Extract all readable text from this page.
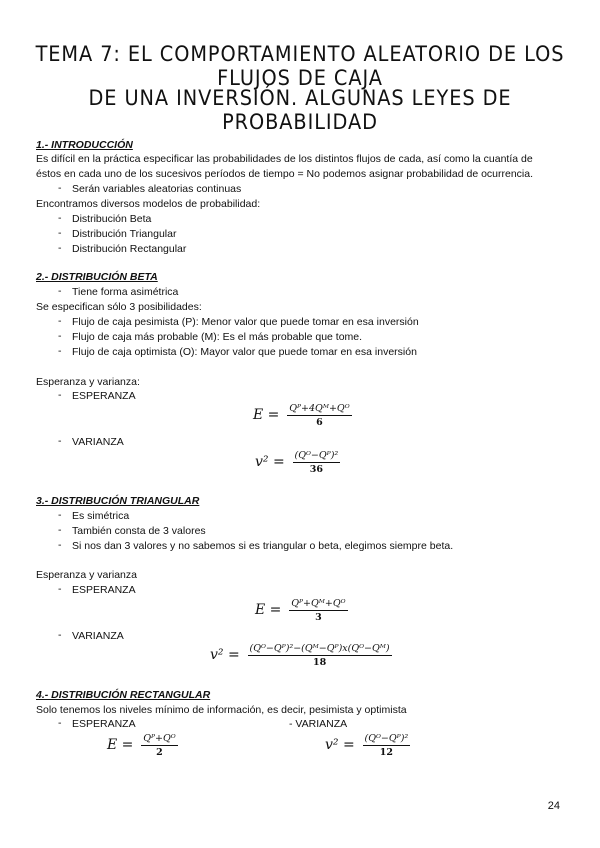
TEMA 7: EL COMPORTAMIENTO ALEATORIO DE LOS FLUJOS DE CAJA
DE UNA INVERSIÓN. ALGUNAS LEYES DE PROBABILIDAD
1.- INTRODUCCIÓN
Es difícil en la práctica especificar las probabilidades de los distintos flujos de cada, así como la cuantía de
éstos en cada uno de los sucesivos períodos de tiempo = No podemos asignar probabilidad de ocurrencia.
- Serán variables aleatorias continuas
Encontramos diversos modelos de probabilidad:
- Distribución Beta
- Distribución Triangular
- Distribución Rectangular
2.- DISTRIBUCIÓN BETA
- Tiene forma asimétrica
Se especifican sólo 3 posibilidades:
- Flujo de caja pesimista (P): Menor valor que puede tomar en esa inversión
- Flujo de caja más probable (M): Es el más probable que tome.
- Flujo de caja optimista (O): Mayor valor que puede tomar en esa inversión
Esperanza y varianza:
- ESPERANZA
$E = \frac{\text{Qᴾ+4Qᴹ+Qᴼ}}{6}$
- VARIANZA
$v^2 = \frac{\text{(Qᴼ−Qᴾ)²}}{36}$
3.- DISTRIBUCIÓN TRIANGULAR
- Es simétrica
- También consta de 3 valores
- Si nos dan 3 valores y no sabemos si es triangular o beta, elegimos siempre beta.
Esperanza y varianza
- ESPERANZA
$E = \frac{\text{Qᴾ+Qᴹ+Qᴼ}}{3}$
- VARIANZA
$v^2 = \frac{\text{(Qᴼ−Qᴾ)²−(Qᴹ−Qᴾ)x(Qᴼ−Qᴹ)}}{18}$
4.- DISTRIBUCIÓN RECTANGULAR
Solo tenemos los niveles mínimo de información, es decir, pesimista y optimista
- ESPERANZA	- VARIANZA
$E = \frac{\text{Qᴾ+Qᴼ}}{2}$	$v^2 = \frac{\text{(Qᴼ−Qᴾ)²}}{12}$
24
